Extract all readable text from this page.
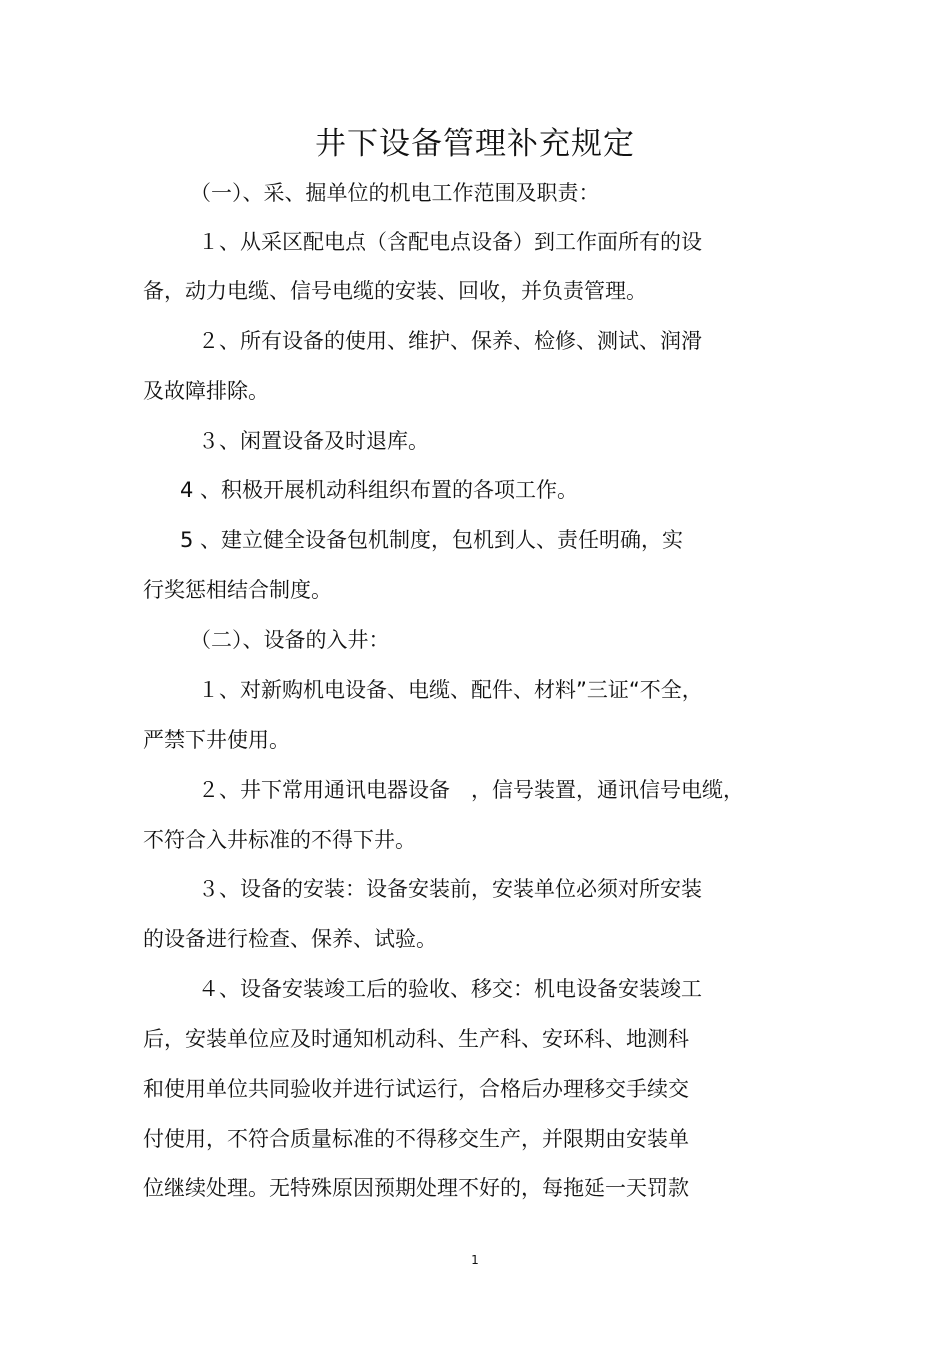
井下设备管理补充规定

（一）、采、掘单位的机电工作范围及职责：

１、从采区配电点（含配电点设备）到工作面所有的设

备，动力电缆、信号电缆的安装、回收，并负责管理。

２、所有设备的使用、维护、保养、检修、测试、润滑

及故障排除。

３、闲置设备及时退库。

4 、积极开展机动科组织布置的各项工作。

5 、建立健全设备包机制度，包机到人、责任明确，实

行奖惩相结合制度。

（二）、设备的入井：

１、对新购机电设备、电缆、配件、材料”三证“不全，

严禁下井使用。

２、井下常用通讯电器设备　，信号装置，通讯信号电缆，

不符合入井标准的不得下井。

３、设备的安装：设备安装前，安装单位必须对所安装

的设备进行检查、保养、试验。

４、设备安装竣工后的验收、移交：机电设备安装竣工

后，安装单位应及时通知机动科、生产科、安环科、地测科

和使用单位共同验收并进行试运行，合格后办理移交手续交

付使用，不符合质量标准的不得移交生产，并限期由安装单

位继续处理。无特殊原因预期处理不好的，每拖延一天罚款

1
